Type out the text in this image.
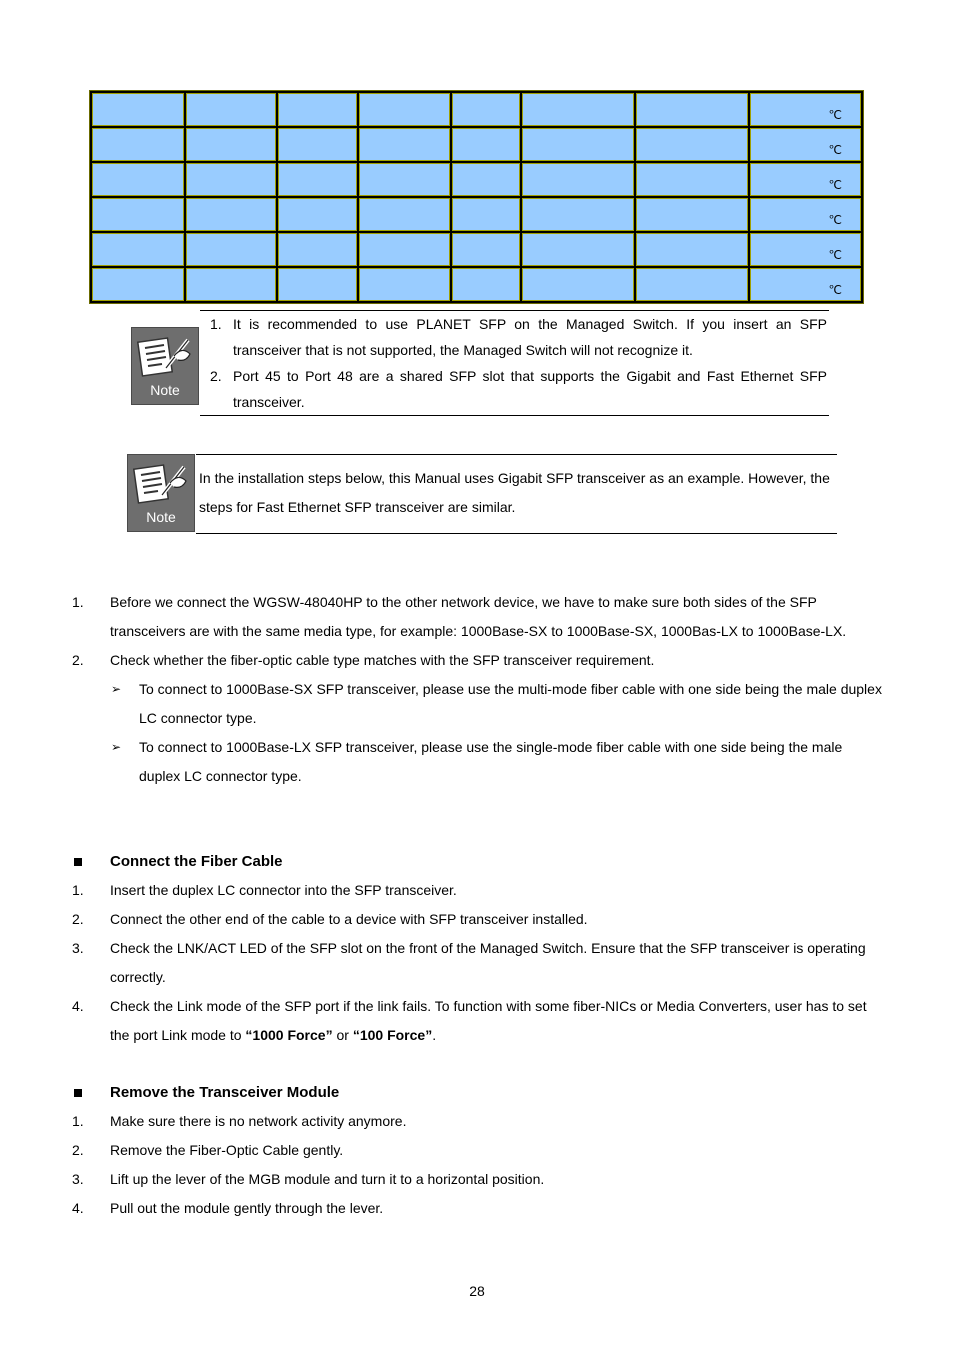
							℃
							℃
							℃
							℃
							℃
							℃
Note
1. It is recommended to use PLANET SFP on the Managed Switch. If you insert an SFP transceiver that is not supported, the Managed Switch will not recognize it.
2. Port 45 to Port 48 are a shared SFP slot that supports the Gigabit and Fast Ethernet SFP transceiver.
Note

In the installation steps below, this Manual uses Gigabit SFP transceiver as an example. However, the steps for Fast Ethernet SFP transceiver are similar.

1. Before we connect the WGSW-48040HP to the other network device, we have to make sure both sides of the SFP transceivers are with the same media type, for example: 1000Base-SX to 1000Base-SX, 1000Bas-LX to 1000Base-LX.
2. Check whether the fiber-optic cable type matches with the SFP transceiver requirement.
➢ To connect to 1000Base-SX SFP transceiver, please use the multi-mode fiber cable with one side being the male duplex LC connector type.
➢ To connect to 1000Base-LX SFP transceiver, please use the single-mode fiber cable with one side being the male duplex LC connector type.
Connect the Fiber Cable
1. Insert the duplex LC connector into the SFP transceiver.
2. Connect the other end of the cable to a device with SFP transceiver installed.
3. Check the LNK/ACT LED of the SFP slot on the front of the Managed Switch. Ensure that the SFP transceiver is operating correctly.
4. Check the Link mode of the SFP port if the link fails. To function with some fiber-NICs or Media Converters, user has to set the port Link mode to “1000 Force” or “100 Force”.
Remove the Transceiver Module
1. Make sure there is no network activity anymore.
2. Remove the Fiber-Optic Cable gently.
3. Lift up the lever of the MGB module and turn it to a horizontal position.
4. Pull out the module gently through the lever.
28
